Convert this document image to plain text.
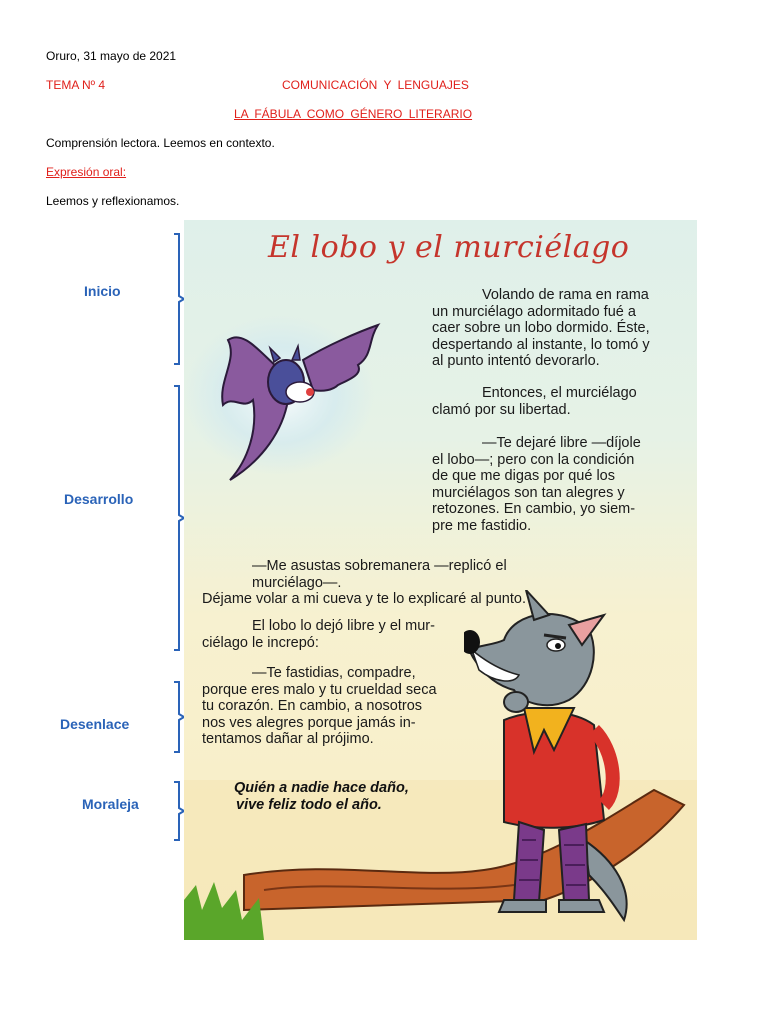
Oruro, 31 mayo de 2021
TEMA Nº 4	COMUNICACIÓN Y LENGUAJES
LA FÁBULA COMO GÉNERO LITERARIO
Comprensión lectora. Leemos en contexto.
Expresión oral:
Leemos y reflexionamos.
Inicio
Desarrollo
Desenlace
Moraleja
El lobo y el murciélago
Volando de rama en rama
un murciélago adormitado fué a
caer sobre un lobo dormido. Éste,
despertando al instante, lo tomó y
al punto intentó devorarlo.
Entonces, el murciélago
clamó por su libertad.
—Te dejaré libre —díjole
el lobo—; pero con la condición
de que me digas por qué los
murciélagos son tan alegres y
retozones. En cambio, yo siem-
pre me fastidio.
—Me asustas sobremanera —replicó el murciélago—.
Déjame volar a mi cueva y te lo explicaré al punto.
El lobo lo dejó libre y el mur-
ciélago le increpó:
—Te fastidias, compadre,
porque eres malo y tu crueldad seca
tu corazón. En cambio, a nosotros
nos ves alegres porque jamás in-
tentamos dañar al prójimo.
Quién a nadie hace daño,
vive feliz todo el año.
